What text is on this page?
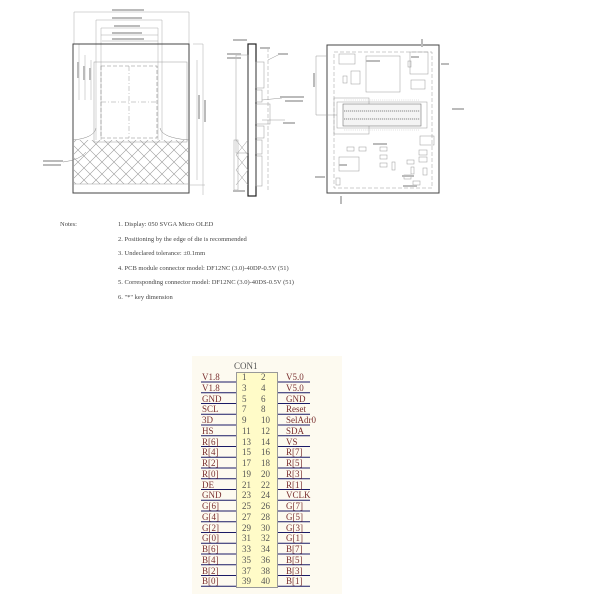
Notes:	1. Display: 050 SVGA Micro OLED
2. Positioning by the edge of die is recommended
3. Undeclared tolerance: ±0.1mm
4. PCB module connector model: DF12NC (3.0)-40DP-0.5V (51)
5. Corresponding connector model: DF12NC (3.0)-40DS-0.5V (51)
6. "*" key dimension
CON1
V1.8 1 2 V5.0
V1.8 3 4 V5.0
GND 5 6 GND
SCL	7 8 Reset
3D	9 10 SelAdr0
HS	11 12 SDA
R[6]	13 14 VS
R[4]	15 16 R[7]
R[2]	17 18 R[5]
R[0]	19 20 R[3]
DE	21 22 R[1]
GND 23 24 VCLK
G[6]	25 26 G[7]
G[4]	27 28 G[5]
G[2]	29 30 G[3]
G[0]	31 32 G[1]
B[6]	33 34 B[7]
B[4]	35 36 B[5]
B[2]	37 38 B[3]
B[0]	39 40 B[1]
